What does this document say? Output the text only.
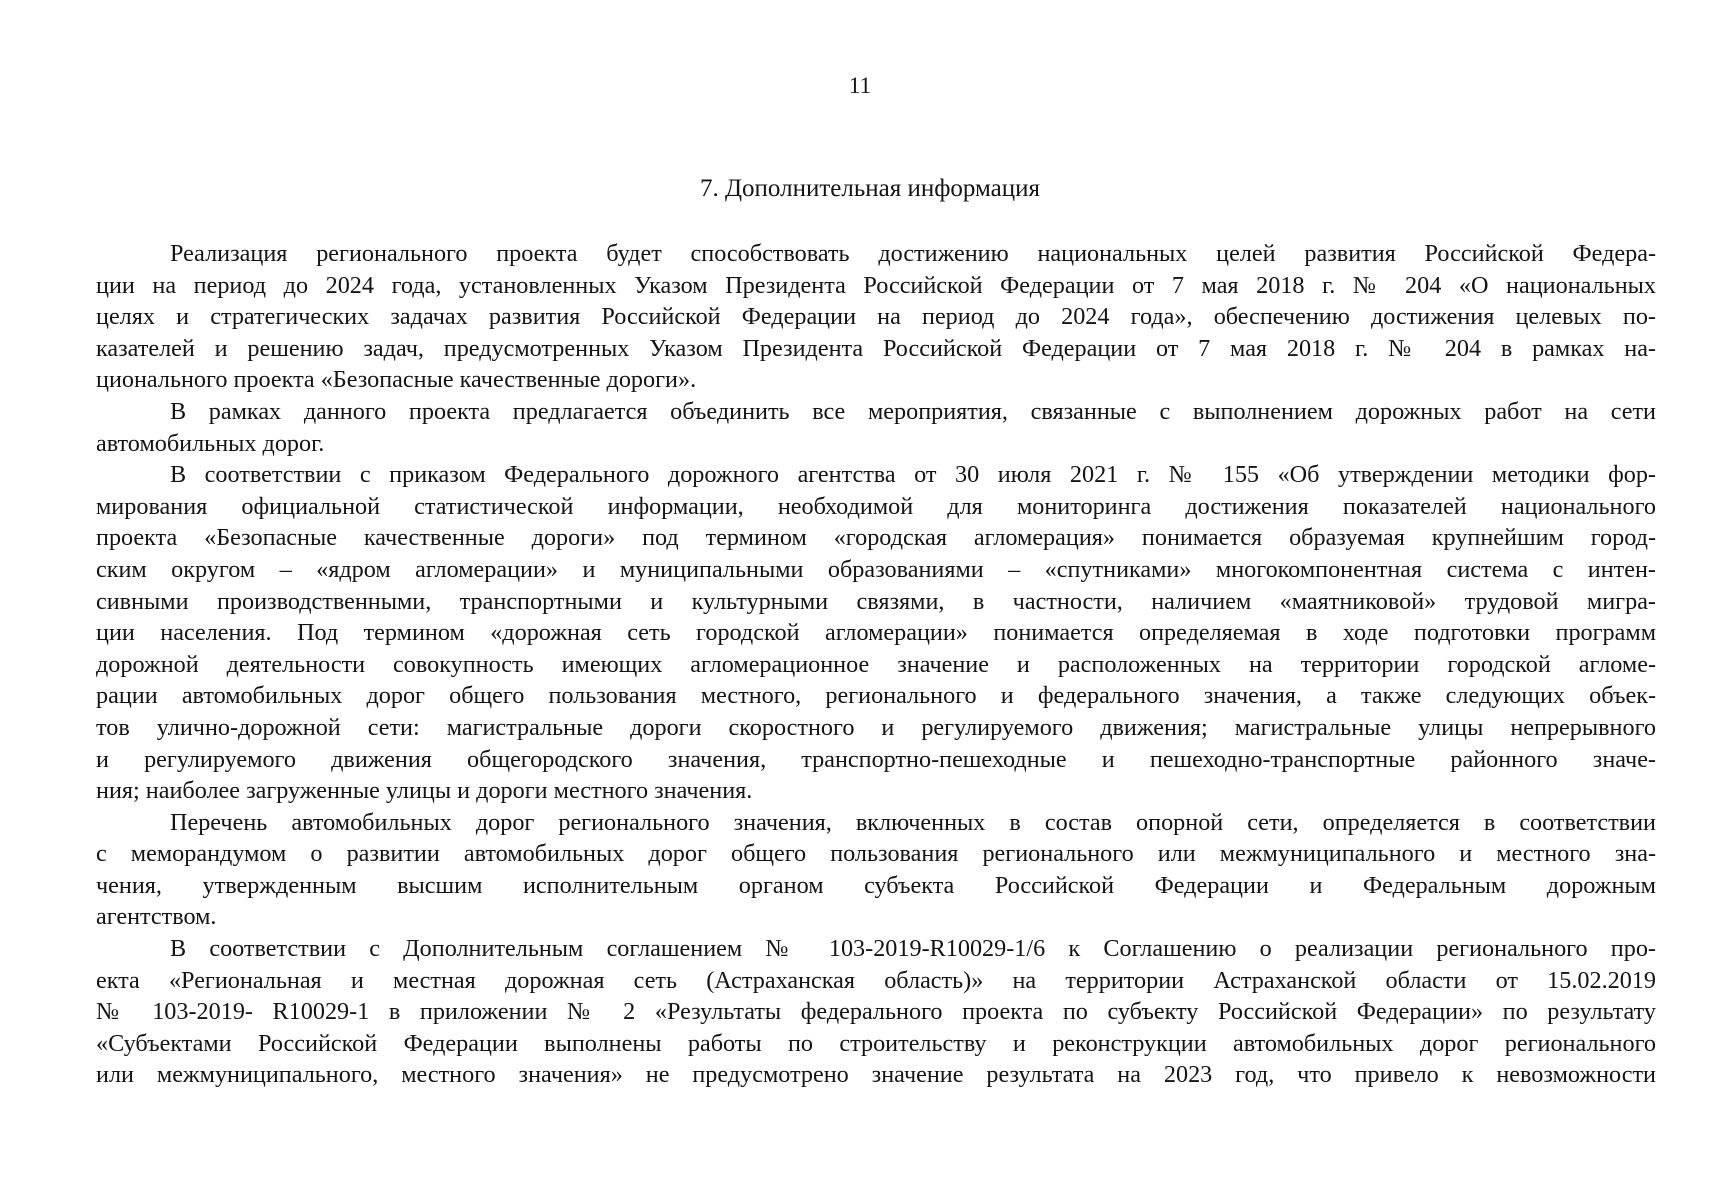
11
7. Дополнительная информация
Реализация регионального проекта будет способствовать достижению национальных целей развития Российской Федера-
ции на период до 2024 года, установленных Указом Президента Российской Федерации от 7 мая 2018 г. № 204 «О национальных
целях и стратегических задачах развития Российской Федерации на период до 2024 года», обеспечению достижения целевых по-
казателей и решению задач, предусмотренных Указом Президента Российской Федерации от 7 мая 2018 г. № 204 в рамках на-
ционального проекта «Безопасные качественные дороги».
В рамках данного проекта предлагается объединить все мероприятия, связанные с выполнением дорожных работ на сети
автомобильных дорог.
В соответствии с приказом Федерального дорожного агентства от 30 июля 2021 г. № 155 «Об утверждении методики фор-
мирования официальной статистической информации, необходимой для мониторинга достижения показателей национального
проекта «Безопасные качественные дороги» под термином «городская агломерация» понимается образуемая крупнейшим город-
ским округом – «ядром агломерации» и муниципальными образованиями – «спутниками» многокомпонентная система с интен-
сивными производственными, транспортными и культурными связями, в частности, наличием «маятниковой» трудовой мигра-
ции населения. Под термином «дорожная сеть городской агломерации» понимается определяемая в ходе подготовки программ
дорожной деятельности совокупность имеющих агломерационное значение и расположенных на территории городской агломе-
рации автомобильных дорог общего пользования местного, регионального и федерального значения, а также следующих объек-
тов улично-дорожной сети: магистральные дороги скоростного и регулируемого движения; магистральные улицы непрерывного
и регулируемого движения общегородского значения, транспортно-пешеходные и пешеходно-транспортные районного значе-
ния; наиболее загруженные улицы и дороги местного значения.
Перечень автомобильных дорог регионального значения, включенных в состав опорной сети, определяется в соответствии
с меморандумом о развитии автомобильных дорог общего пользования регионального или межмуниципального и местного зна-
чения, утвержденным высшим исполнительным органом субъекта Российской Федерации и Федеральным дорожным
агентством.
В соответствии с Дополнительным соглашением № 103-2019-R10029-1/6 к Соглашению о реализации регионального про-
екта «Региональная и местная дорожная сеть (Астраханская область)» на территории Астраханской области от 15.02.2019
№ 103-2019- R10029-1 в приложении № 2 «Результаты федерального проекта по субъекту Российской Федерации» по результату
«Субъектами Российской Федерации выполнены работы по строительству и реконструкции автомобильных дорог регионального
или межмуниципального, местного значения» не предусмотрено значение результата на 2023 год, что привело к невозможности
